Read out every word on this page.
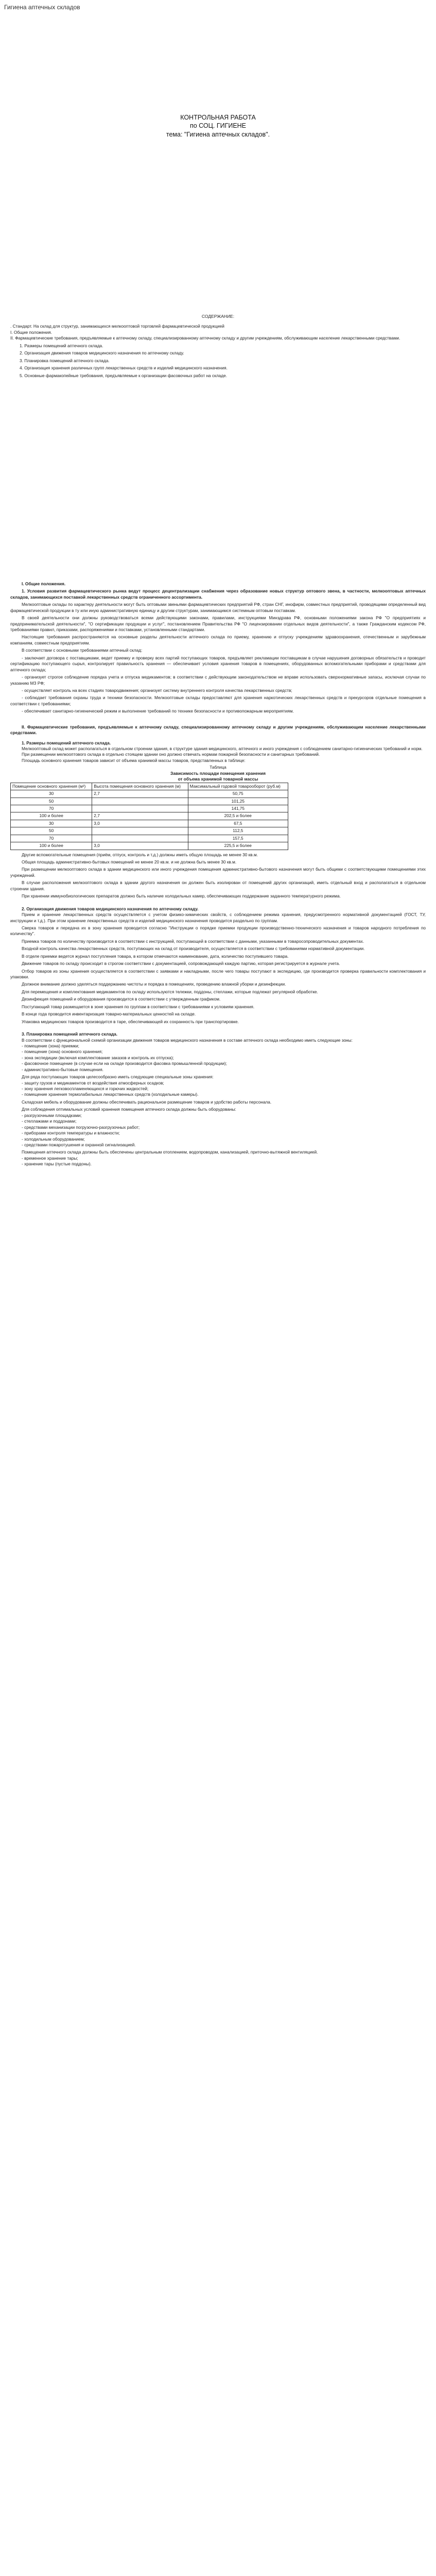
Гигиена аптечных складов
КОНТРОЛЬНАЯ РАБОТА
по СОЦ. ГИГИЕНЕ
тема: "Гигиена аптечных складов".
СОДЕРЖАНИЕ:

. Стандарт. На склад для структур, занимающихся мелкооптовой торговлей фармацевтической продукцией

I. Общие положения.

II. Фармацевтические требования, предъявляемые к аптечному складу, специализированному аптечному складу и другим учреждениям, обслуживающим население лекарственными средствами.

1. Размеры помещений аптечного склада.

2. Организация движения товаров медицинского назначения по аптечному складу.

3. Планировка помещений аптечного склада.

4. Организация хранения различных групп лекарственных средств и изделий медицинского назначения.

5. Основные фармакопейные требования, предъявляемые к организации фасовочных работ на складе.

I. Общие положения.

1. Условия развития фармацевтического рынка ведут процесс децентрализации снабжения через образование новых структур оптового звена, в частности, мелкооптовых аптечных складов, занимающихся поставкой лекарственных средств ограниченного ассортимента.

Мелкооптовые склады по характеру деятельности могут быть оптовыми звеньями фармацевтических предприятий РФ, стран СНГ, инофирм, совместных предприятий, проводящими определенный вид фармацевтической продукции в ту или иную административную единицу и другим структурам, занимающимся системным оптовым поставкам.

В своей деятельности они должны руководствоваться всеми действующими законами, правилами, инструкциями Минздрава РФ, основными положениями закона РФ "О предприятиях и предпринимательской деятельности", "О сертификации продукции и услуг", постановлением Правительства РФ "О лицензировании отдельных видов деятельности", а также Гражданским кодексом РФ, требованиями правил, приказами, распоряжениями и поставками, установленными стандартами.

Настоящие требования распространяются на основные разделы деятельности аптечного склада по приему, хранению и отпуску учреждениям здравоохранения, отечественным и зарубежным компаниям, совместным предприятиям.

В соответствии с основными требованиями аптечный склад:

- заключает договора с поставщиками, ведет приемку и проверку всех партий поступающих товаров, предъявляет рекламации поставщикам в случае нарушения договорных обязательств и проводит сертификацию поступающего сырья, контролирует правильность хранения — обеспечивает условия хранения товаров в помещениях, оборудованных вспомогательными приборами и средствами для аптечного склада;

- организует строгое соблюдение порядка учета и отпуска медикаментов; в соответствии с действующим законодательством не вправе использовать сверхнормативные запасы, исключая случаи по указанию МЗ РФ;

- осуществляет контроль на всех стадиях товародвижения; организует систему внутреннего контроля качества лекарственных средств;

- соблюдает требования охраны труда и техники безопасности. Мелкооптовые склады предоставляют для хранения наркотических лекарственных средств и прекурсоров отдельные помещения в соответствии с требованиями;

- обеспечивает санитарно-гигиенический режим и выполнение требований по технике безопасности и противопожарным мероприятиям.

II. Фармацевтические требования, предъявляемые к аптечному складу, специализированному аптечному складу и другим учреждениям, обслуживающим население лекарственными средствами.

1. Размеры помещений аптечного склада.

Мелкооптовый склад может располагаться в отдельном строении здания, в структуре здания медицинского, аптечного и иного учреждения с соблюдением санитарно-гигиенических требований и норм.

При размещении мелкооптового склада в отдельно стоящем здании оно должно отвечать нормам пожарной безопасности и санитарных требований.

Площадь основного хранения товаров зависит от объема хранимой массы товаров, представленных в таблице:

Таблица
Зависимость площади помещения хранения
от объема хранимой товарной массы
Помещение основного хранения (м²)	Высота помещения основного хранения (м)	Максимальный годовой товарооборот (руб.м)
30	2,7	50,75
50		101,25
70		141,75
100 и более	2,7	202,5 и более
30	3,0	67,5
50		112,5
70		157,5
100 и более	3,0	225,5 и более

Другие вспомогательные помещения (приём, отпуск, контроль и т.д.) должны иметь общую площадь не менее 30 кв.м.

Общая площадь административно-бытовых помещений не менее 20 кв.м. и не должна быть менее 30 кв.м.

При размещении мелкооптового склада в здании медицинского или иного учреждения помещения административно-бытового назначения могут быть общими с соответствующими помещениями этих учреждений.

В случае расположения мелкооптового склада в здании другого назначения он должен быть изолирован от помещений других организаций, иметь отдельный вход и располагаться в отдельном строении здания.

При хранении иммунобиологических препаратов должно быть наличие холодильных камер, обеспечивающих поддержание заданного температурного режима.

2. Организация движения товаров медицинского назначения по аптечному складу.

Прием и хранение лекарственных средств осуществляется с учетом физико-химических свойств, с соблюдением режима хранения, предусмотренного нормативной документацией (ГОСТ, ТУ, инструкции и т.д.). При этом хранение лекарственных средств и изделий медицинского назначения проводится раздельно по группам.

Сверка товаров и передача их в зону хранения проводится согласно "Инструкции о порядке приемки продукции производственно-технического назначения и товаров народного потребления по количеству".

Приемка товаров по количеству производится в соответствии с инструкцией, поступающей в соответствии с данными, указанными в товаросопроводительных документах.

Входной контроль качества лекарственных средств, поступающих на склад от производителя, осуществляется в соответствии с требованиями нормативной документации.

В отделе приемки ведется журнал поступления товара, в котором отмечаются наименование, дата, количество поступившего товара.

Движение товаров по складу происходит в строгом соответствии с документацией, сопровождающей каждую партию, которая регистрируется в журнале учета.

Отбор товаров из зоны хранения осуществляется в соответствии с заявками и накладными, после чего товары поступают в экспедицию, где производится проверка правильности комплектования и упаковки.

Должное внимание должно уделяться поддержанию чистоты и порядка в помещениях, проведению влажной уборки и дезинфекции.

Для перемещения и комплектования медикаментов по складу используются тележки, поддоны, стеллажи, которые подлежат регулярной обработке.

Дезинфекция помещений и оборудования производится в соответствии с утвержденным графиком.

Поступающий товар размещается в зоне хранения по группам в соответствии с требованиями к условиям хранения.

В конце года проводится инвентаризация товарно-материальных ценностей на складе.

Упаковка медицинских товаров производится в таре, обеспечивающей их сохранность при транспортировке.

3. Планировка помещений аптечного склада.

В соответствии с функциональной схемой организации движения товаров медицинского назначения в составе аптечного склада необходимо иметь следующие зоны:

- помещение (зона) приемки;

- помещение (зона) основного хранения;

- зона экспедиции (включая комплектование заказов и контроль их отпуска);

- фасовочное помещение (в случае если на складе производится фасовка промышленной продукции);

- административно-бытовые помещения.

Для ряда поступающих товаров целесообразно иметь следующие специальные зоны хранения:

- защиту грузов и медикаментов от воздействия атмосферных осадков;

- зону хранения легковоспламеняющихся и горючих жидкостей;

- помещение хранения термолабильных лекарственных средств (холодильные камеры).

Складская мебель и оборудование должны обеспечивать рациональное размещение товаров и удобство работы персонала.

Для соблюдения оптимальных условий хранения помещения аптечного склада должны быть оборудованы:

- разгрузочными площадками;

- стеллажами и поддонами;

- средствами механизации погрузочно-разгрузочных работ;

- приборами контроля температуры и влажности;

- холодильным оборудованием;

- средствами пожаротушения и охранной сигнализацией.

Помещения аптечного склада должны быть обеспечены центральным отоплением, водопроводом, канализацией, приточно-вытяжной вентиляцией.

- временное хранение тары;

- хранение тары (пустые поддоны).
